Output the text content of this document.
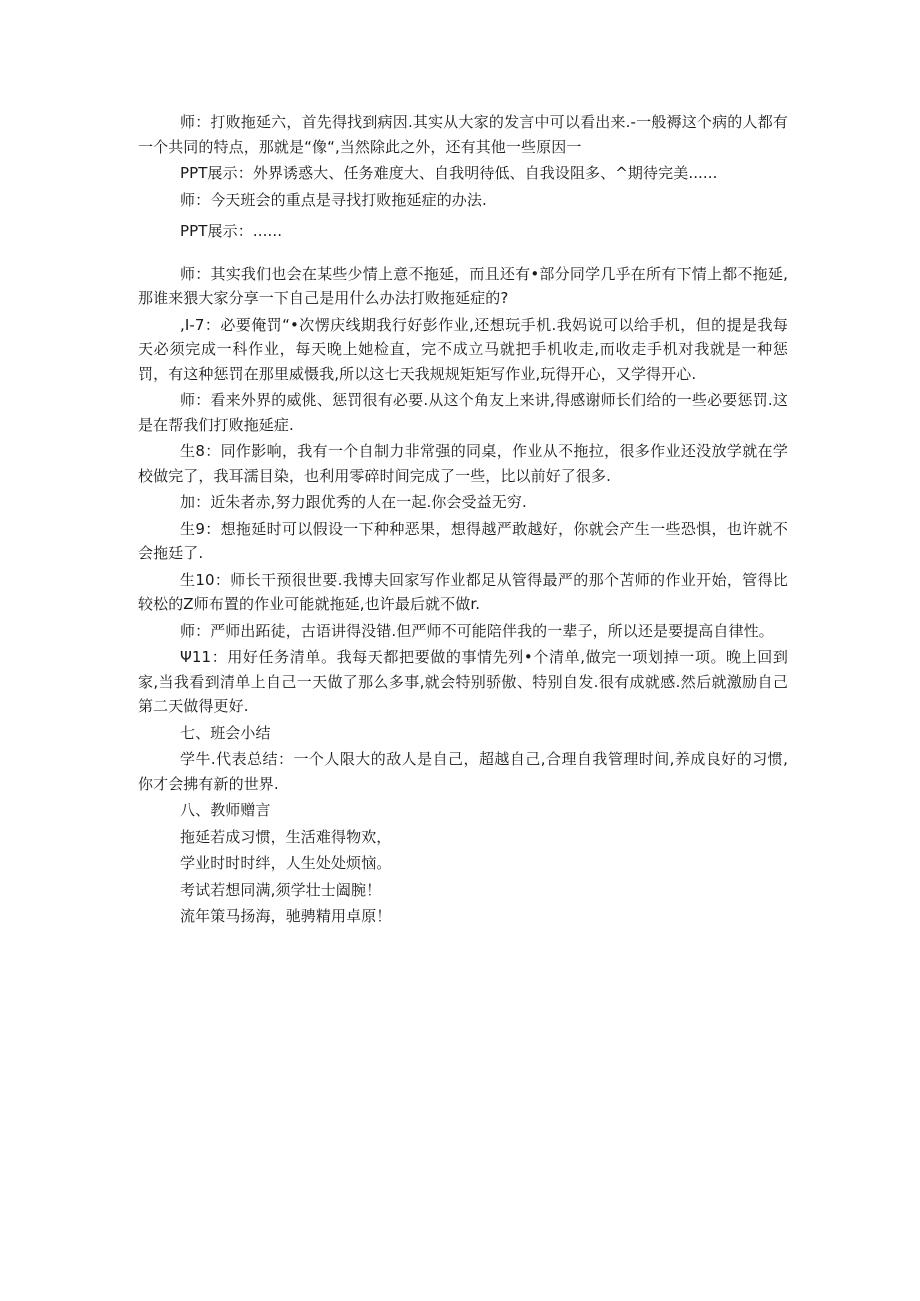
师：打败拖延六，首先得找到病因.其实从大家的发言中可以看出来.-一般褥这个病的人都有一个共同的特点，那就是“像“,当然除此之外，还有其他一些原因一

PPT展示：外界诱惑大、任务难度大、自我明待低、自我设阻多、^期待完美......

师：今天班会的重点是寻找打败拖延症的办法.

PPT展示：......

师：其实我们也会在某些少情上意不拖延，而且还有•部分同学几乎在所有下情上都不拖延,那谁来猥大家分享一下自己是用什么办法打败拖延症的?

,I-7：必要俺罚“•次愣庆线期我行好彭作业,还想玩手机.我妈说可以给手机，但的提是我每天必须完成一科作业，每天晚上她检直，完不成立马就把手机收走,而收走手机对我就是一种惩罚，有这种惩罚在那里威慑我,所以这七天我规规矩矩写作业,玩得开心，又学得开心.

师：看来外界的威佻、惩罚很有必要.从这个角友上来讲,得感谢师长们给的一些必要惩罚.这是在帮我们打败拖延症.

生8：同作影响，我有一个自制力非常强的同桌，作业从不拖拉，很多作业还没放学就在学校做完了，我耳濡目染，也利用零碎时间完成了一些，比以前好了很多.

加：近朱者赤,努力跟优秀的人在一起.你会受益无穷.

生9：想拖延时可以假设一下种种恶果，想得越严敢越好，你就会产生一些恐惧，也许就不会拖廷了.

生10：师长干预很世要.我博夫回家写作业都足从管得最严的那个苫师的作业开始，管得比较松的Z师布置的作业可能就拖延,也许最后就不做r.

师：严师出跖徒，古语讲得没错.但严师不可能陪伴我的一辈子，所以还是要提高自律性。

Ψ11：用好任务清单。我每天都把要做的事情先列•个清单,做完一项划掉一项。晚上回到家,当我看到清单上自己一天做了那么多事,就会特别骄傲、特别自发.很有成就感.然后就激励自己第二天做得更好.

七、班会小结

学牛.代表总结：一个人限大的敌人是自己，超越自己,合理自我管理时间,养成良好的习惯,你才会拂有新的世界.

八、教师赠言

拖延若成习惯，生活难得物欢，

学业时时时绊，人生处处烦恼。

考试若想同满,须学壮士阖腕！

流年策马扬海，驰骋精用卓原！
